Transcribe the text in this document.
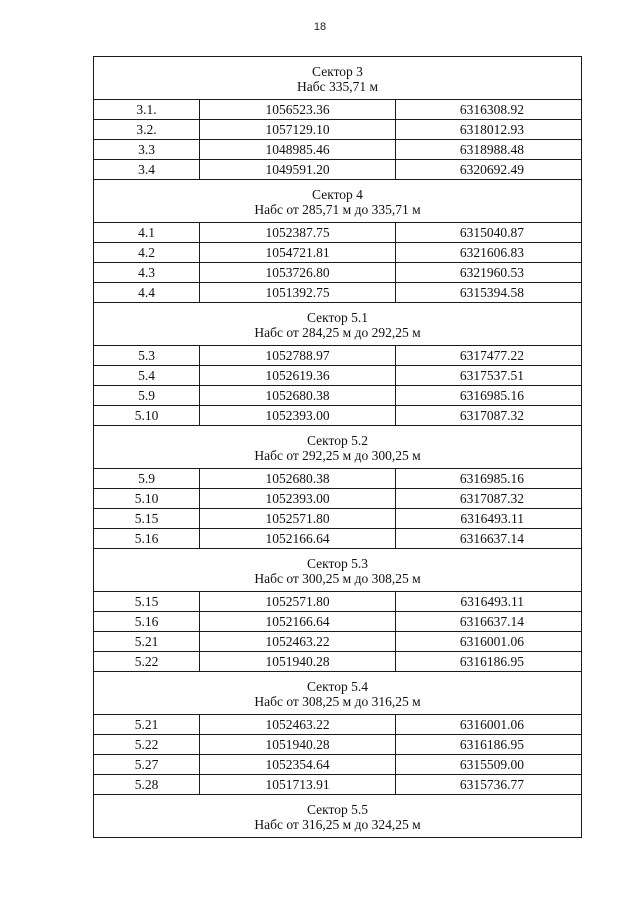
18
Сектор 3
Набс 335,71 м		

3.1.	1056523.36	6316308.92
3.2.	1057129.10	6318012.93
3.3	1048985.46	6318988.48
3.4	1049591.20	6320692.49

Сектор 4
Набс от 285,71 м до 335,71 м		

4.1	1052387.75	6315040.87
4.2	1054721.81	6321606.83
4.3	1053726.80	6321960.53
4.4	1051392.75	6315394.58

Сектор 5.1
Набс от 284,25 м до 292,25 м		

5.3	1052788.97	6317477.22
5.4	1052619.36	6317537.51
5.9	1052680.38	6316985.16
5.10	1052393.00	6317087.32

Сектор 5.2
Набс от 292,25 м до 300,25 м		

5.9	1052680.38	6316985.16
5.10	1052393.00	6317087.32
5.15	1052571.80	6316493.11
5.16	1052166.64	6316637.14

Сектор 5.3
Набс от 300,25 м до 308,25 м		

5.15	1052571.80	6316493.11
5.16	1052166.64	6316637.14
5.21	1052463.22	6316001.06
5.22	1051940.28	6316186.95

Сектор 5.4
Набс от 308,25 м до 316,25 м		

5.21	1052463.22	6316001.06
5.22	1051940.28	6316186.95
5.27	1052354.64	6315509.00
5.28	1051713.91	6315736.77

Сектор 5.5
Набс от 316,25 м до 324,25 м		
